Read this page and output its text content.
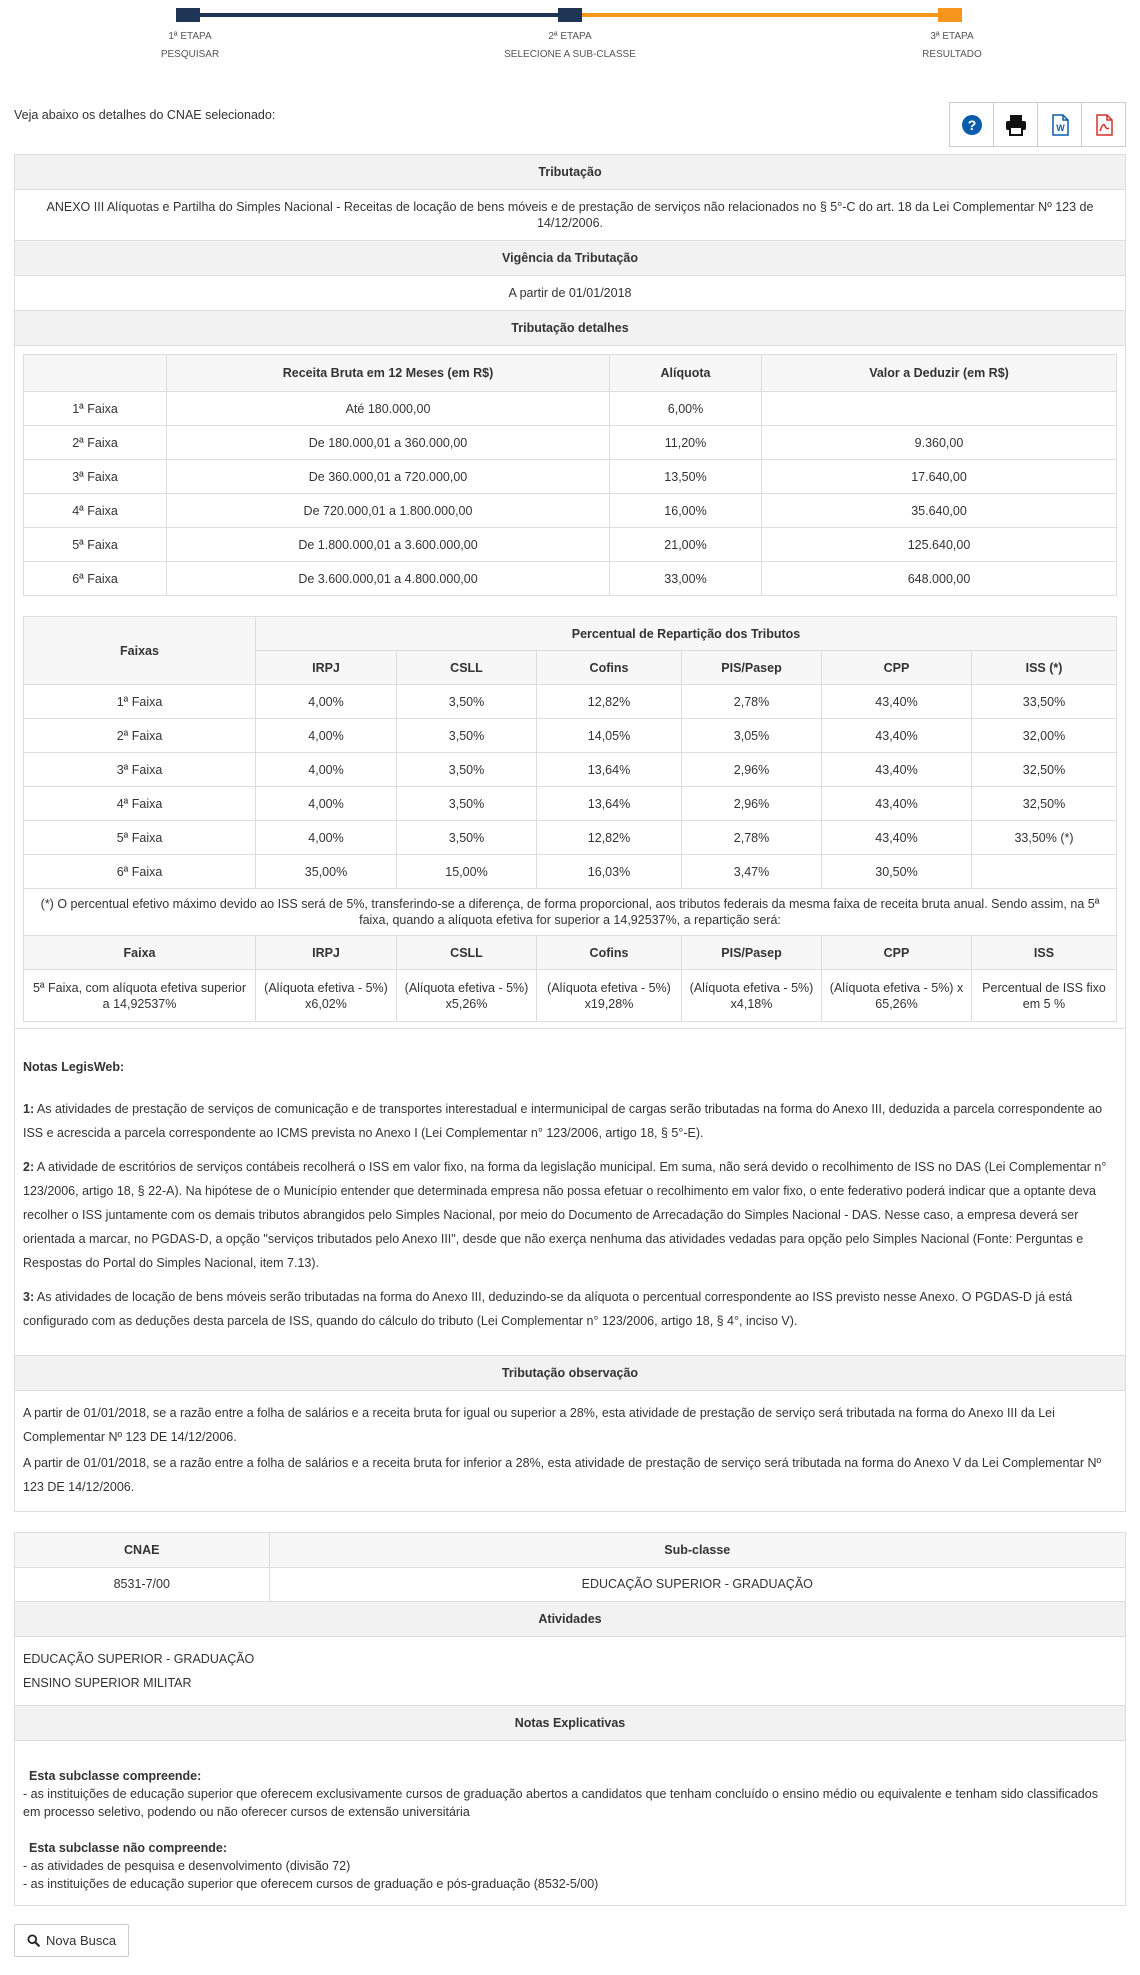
1ª ETAPA
PESQUISAR
2ª ETAPA
SELECIONE A SUB-CLASSE
3ª ETAPA
RESULTADO
Veja abaixo os detalhes do CNAE selecionado:
?	W
Tributação
ANEXO III Alíquotas e Partilha do Simples Nacional - Receitas de locação de bens móveis e de prestação de serviços não relacionados no § 5°-C do art. 18 da Lei Complementar Nº 123 de 14/12/2006.
Vigência da Tributação
A partir de 01/01/2018
Tributação detalhes
	Receita Bruta em 12 Meses (em R$)	Alíquota	Valor a Deduzir (em R$)
1ª Faixa	Até 180.000,00	6,00%	
2ª Faixa	De 180.000,01 a 360.000,00	11,20%	9.360,00
3ª Faixa	De 360.000,01 a 720.000,00	13,50%	17.640,00
4ª Faixa	De 720.000,01 a 1.800.000,00	16,00%	35.640,00
5ª Faixa	De 1.800.000,01 a 3.600.000,00	21,00%	125.640,00
6ª Faixa	De 3.600.000,01 a 4.800.000,00	33,00%	648.000,00
Faixas	Percentual de Repartição dos Tributos					
	IRPJ	CSLL	Cofins	PIS/Pasep	CPP	ISS (*)
1ª Faixa	4,00%	3,50%	12,82%	2,78%	43,40%	33,50%
2ª Faixa	4,00%	3,50%	14,05%	3,05%	43,40%	32,00%
3ª Faixa	4,00%	3,50%	13,64%	2,96%	43,40%	32,50%
4ª Faixa	4,00%	3,50%	13,64%	2,96%	43,40%	32,50%
5ª Faixa	4,00%	3,50%	12,82%	2,78%	43,40%	33,50% (*)
6ª Faixa	35,00%	15,00%	16,03%	3,47%	30,50%	
(*) O percentual efetivo máximo devido ao ISS será de 5%, transferindo-se a diferença, de forma proporcional, aos tributos federais da mesma faixa de receita bruta anual. Sendo assim, na 5ª faixa, quando a alíquota efetiva for superior a 14,92537%, a repartição será:						
Faixa	IRPJ	CSLL	Cofins	PIS/Pasep	CPP	ISS
5ª Faixa, com alíquota efetiva superior a 14,92537%	(Alíquota efetiva - 5%) x6,02%	(Alíquota efetiva - 5%) x5,26%	(Alíquota efetiva - 5%) x19,28%	(Alíquota efetiva - 5%) x4,18%	(Alíquota efetiva - 5%) x 65,26%	Percentual de ISS fixo em 5 %
Notas LegisWeb:

1: As atividades de prestação de serviços de comunicação e de transportes interestadual e intermunicipal de cargas serão tributadas na forma do Anexo III, deduzida a parcela correspondente ao ISS e acrescida a parcela correspondente ao ICMS prevista no Anexo I (Lei Complementar n° 123/2006, artigo 18, § 5°-E).

2: A atividade de escritórios de serviços contábeis recolherá o ISS em valor fixo, na forma da legislação municipal. Em suma, não será devido o recolhimento de ISS no DAS (Lei Complementar n° 123/2006, artigo 18, § 22-A). Na hipótese de o Município entender que determinada empresa não possa efetuar o recolhimento em valor fixo, o ente federativo poderá indicar que a optante deva recolher o ISS juntamente com os demais tributos abrangidos pelo Simples Nacional, por meio do Documento de Arrecadação do Simples Nacional - DAS. Nesse caso, a empresa deverá ser orientada a marcar, no PGDAS-D, a opção "serviços tributados pelo Anexo III", desde que não exerça nenhuma das atividades vedadas para opção pelo Simples Nacional (Fonte: Perguntas e Respostas do Portal do Simples Nacional, item 7.13).

3: As atividades de locação de bens móveis serão tributadas na forma do Anexo III, deduzindo-se da alíquota o percentual correspondente ao ISS previsto nesse Anexo. O PGDAS-D já está configurado com as deduções desta parcela de ISS, quando do cálculo do tributo (Lei Complementar n° 123/2006, artigo 18, § 4°, inciso V).

Tributação observação

A partir de 01/01/2018, se a razão entre a folha de salários e a receita bruta for igual ou superior a 28%, esta atividade de prestação de serviço será tributada na forma do Anexo III da Lei Complementar Nº 123 DE 14/12/2006.

A partir de 01/01/2018, se a razão entre a folha de salários e a receita bruta for inferior a 28%, esta atividade de prestação de serviço será tributada na forma do Anexo V da Lei Complementar Nº 123 DE 14/12/2006.

CNAE	Sub-classe
8531-7/00	EDUCAÇÃO SUPERIOR - GRADUAÇÃO
Atividades
EDUCAÇÃO SUPERIOR - GRADUAÇÃO
ENSINO SUPERIOR MILITAR
Notas Explicativas
Esta subclasse compreende:
- as instituições de educação superior que oferecem exclusivamente cursos de graduação abertos a candidatos que tenham concluído o ensino médio ou equivalente e tenham sido classificados em processo seletivo, podendo ou não oferecer cursos de extensão universitária
Esta subclasse não compreende:
- as atividades de pesquisa e desenvolvimento (divisão 72)
- as instituições de educação superior que oferecem cursos de graduação e pós-graduação (8532-5/00)
Nova Busca
